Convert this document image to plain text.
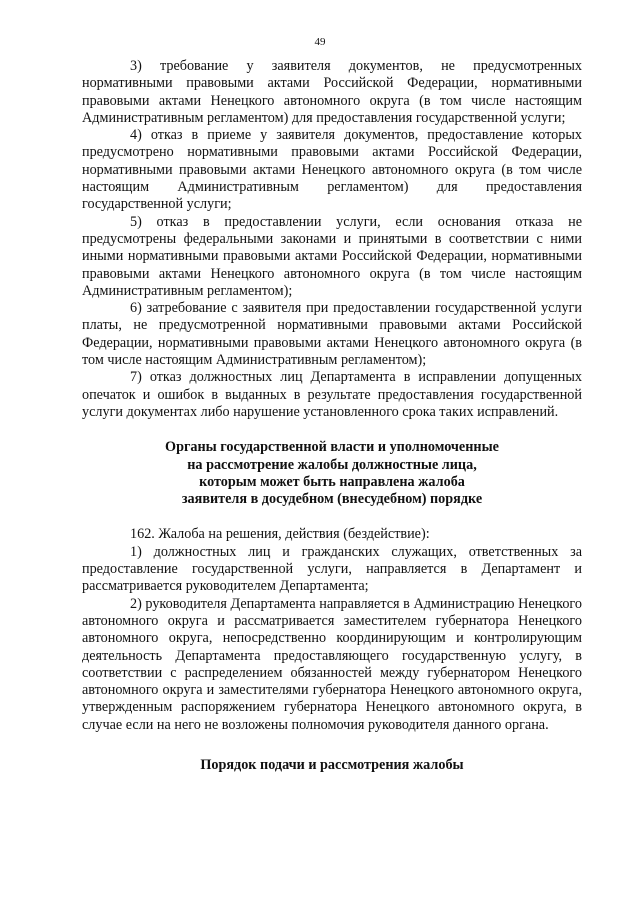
49

3) требование у заявителя документов, не предусмотренных нормативными правовыми актами Российской Федерации, нормативными правовыми актами Ненецкого автономного округа (в том числе настоящим Административным регламентом) для предоставления государственной услуги;

4) отказ в приеме у заявителя документов, предоставление которых предусмотрено нормативными правовыми актами Российской Федерации, нормативными правовыми актами Ненецкого автономного округа (в том числе настоящим Административным регламентом) для предоставления государственной услуги;

5) отказ в предоставлении услуги, если основания отказа не предусмотрены федеральными законами и принятыми в соответствии с ними иными нормативными правовыми актами Российской Федерации, нормативными правовыми актами Ненецкого автономного округа (в том числе настоящим Административным регламентом);

6) затребование с заявителя при предоставлении государственной услуги платы, не предусмотренной нормативными правовыми актами Российской Федерации, нормативными правовыми актами Ненецкого автономного округа (в том числе настоящим Административным регламентом);

7) отказ должностных лиц Департамента в исправлении допущенных опечаток и ошибок в выданных в результате предоставления государственной услуги документах либо нарушение установленного срока таких исправлений.

Органы государственной власти и уполномоченные
на рассмотрение жалобы должностные лица,
которым может быть направлена жалоба
заявителя в досудебном (внесудебном) порядке

162. Жалоба на решения, действия (бездействие):

1) должностных лиц и гражданских служащих, ответственных за предоставление государственной услуги, направляется в Департамент и рассматривается руководителем Департамента;

2) руководителя Департамента направляется в Администрацию Ненецкого автономного округа и рассматривается заместителем губернатора Ненецкого автономного округа, непосредственно координирующим и контролирующим деятельность Департамента предоставляющего государственную услугу, в соответствии с распределением обязанностей между губернатором Ненецкого автономного округа и заместителями губернатора Ненецкого автономного округа, утвержденным распоряжением губернатора Ненецкого автономного округа, в случае если на него не возложены полномочия руководителя данного органа.

Порядок подачи и рассмотрения жалобы
